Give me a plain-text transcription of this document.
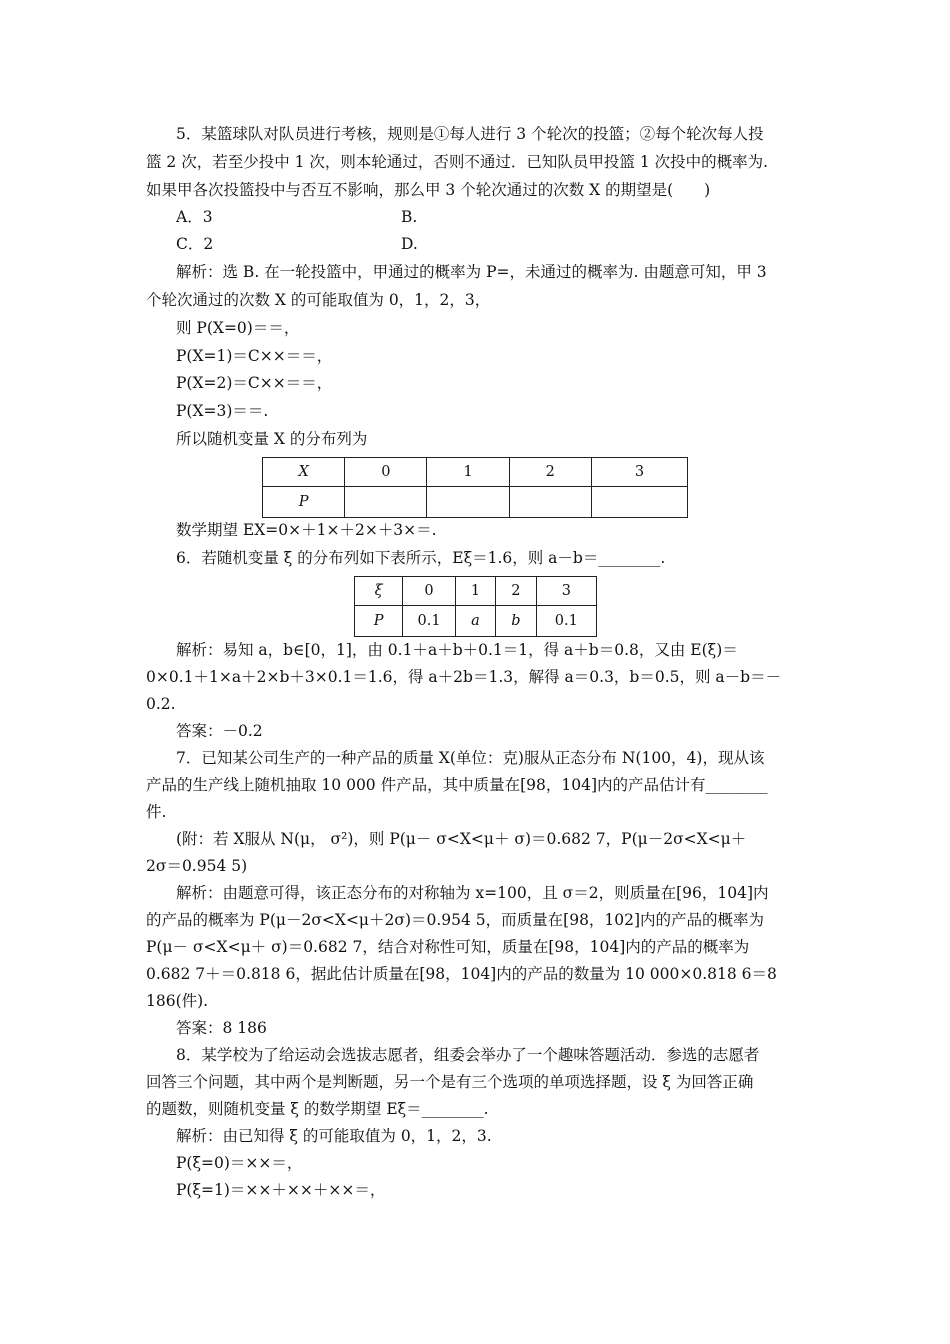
5．某篮球队对队员进行考核，规则是①每人进行 3 个轮次的投篮；②每个轮次每人投
篮 2 次，若至少投中 1 次，则本轮通过，否则不通过．已知队员甲投篮 1 次投中的概率为.
如果甲各次投篮投中与否互不影响，那么甲 3 个轮次通过的次数 X 的期望是(　　)
A．3	B.
C．2	D.
解析：选 B. 在一轮投篮中，甲通过的概率为 P=，未通过的概率为. 由题意可知，甲 3
个轮次通过的次数 X 的可能取值为 0，1，2，3，
则 P(X=0)＝＝，
P(X=1)＝C××＝＝，
P(X=2)＝C××＝＝，
P(X=3)＝＝.
所以随机变量 X 的分布列为
X	0	1	2	3
P				
数学期望 EX=0×＋1×＋2×＋3×＝.
6．若随机变量 ξ 的分布列如下表所示，Eξ＝1.6，则 a－b＝________.
ξ	0	1	2	3
P	0.1	a	b	0.1
解析：易知 a，b∈[0，1]，由 0.1＋a＋b＋0.1＝1，得 a＋b＝0.8，又由 E(ξ)＝
0×0.1＋1×a＋2×b＋3×0.1＝1.6，得 a＋2b＝1.3，解得 a＝0.3，b＝0.5，则 a－b＝－
0.2.
答案：－0.2
7．已知某公司生产的一种产品的质量 X(单位：克)服从正态分布 N(100，4)，现从该
产品的生产线上随机抽取 10 000 件产品，其中质量在[98，104]内的产品估计有________
件.
(附：若 X服从 N(μ， σ²)，则 P(μ－ σ<X<μ＋ σ)＝0.682 7，P(μ－2σ<X<μ＋
2σ＝0.954 5)
解析：由题意可得，该正态分布的对称轴为 x=100，且 σ＝2，则质量在[96，104]内
的产品的概率为 P(μ－2σ<X<μ＋2σ)＝0.954 5，而质量在[98，102]内的产品的概率为
P(μ－ σ<X<μ＋ σ)＝0.682 7，结合对称性可知，质量在[98，104]内的产品的概率为
0.682 7＋＝0.818 6，据此估计质量在[98，104]内的产品的数量为 10 000×0.818 6＝8
186(件).
答案：8 186
8．某学校为了给运动会选拔志愿者，组委会举办了一个趣味答题活动．参选的志愿者
回答三个问题，其中两个是判断题，另一个是有三个选项的单项选择题，设 ξ 为回答正确
的题数，则随机变量 ξ 的数学期望 Eξ＝________.
解析：由已知得 ξ 的可能取值为 0，1，2，3.
P(ξ=0)＝××＝，
P(ξ=1)＝××＋××＋××＝，
